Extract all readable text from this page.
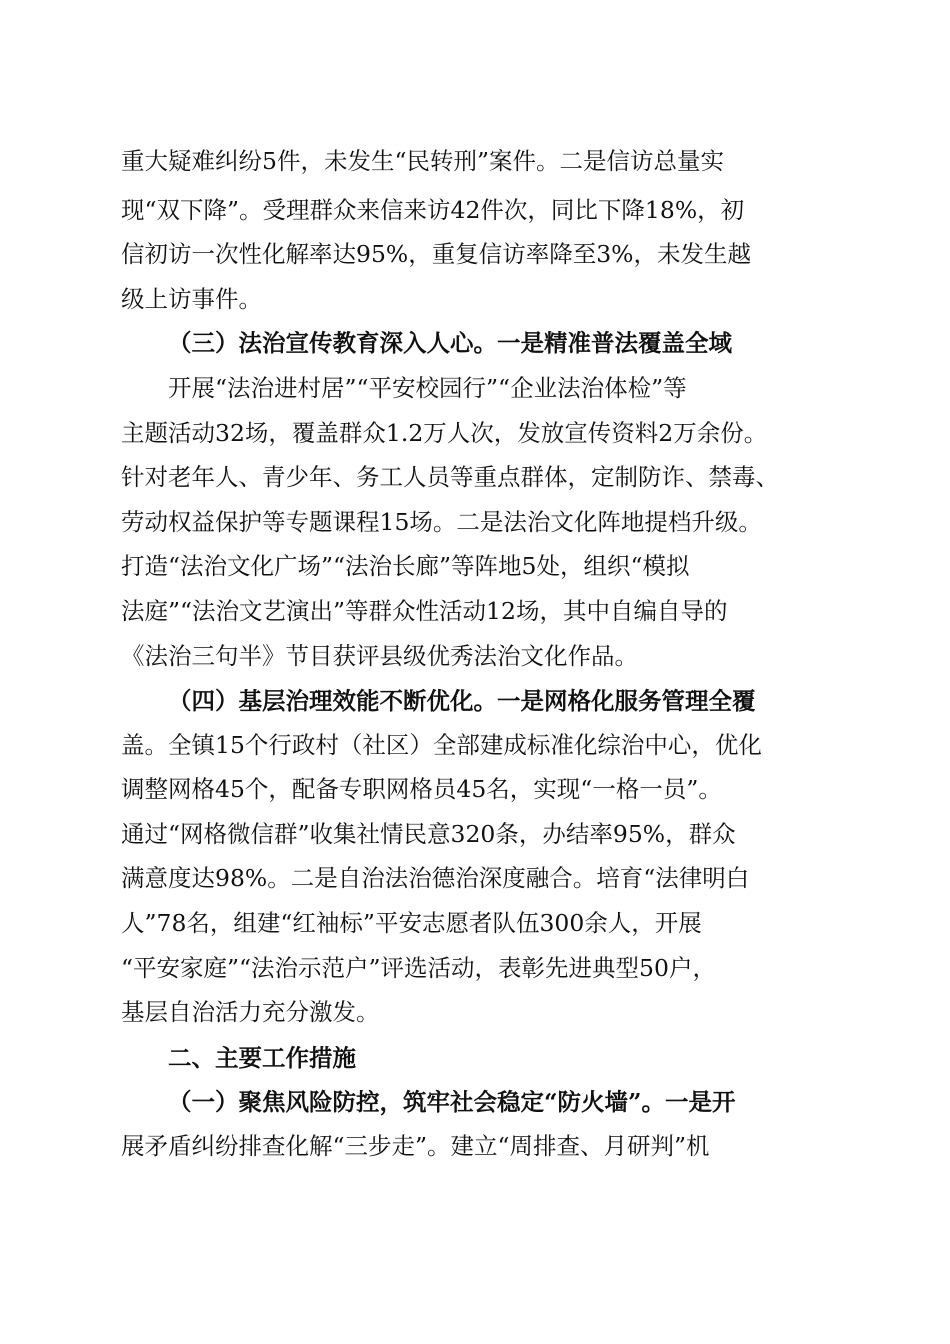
重大疑难纠纷5件，未发生“民转刑”案件。二是信访总量实
现“双下降”。受理群众来信来访42件次，同比下降18%，初
信初访一次性化解率达95%，重复信访率降至3%，未发生越
级上访事件。
（三）法治宣传教育深入人心。一是精准普法覆盖全域
开展“法治进村居”“平安校园行”“企业法治体检”等
主题活动32场，覆盖群众1.2万人次，发放宣传资料2万余份。
针对老年人、青少年、务工人员等重点群体，定制防诈、禁毒、
劳动权益保护等专题课程15场。二是法治文化阵地提档升级。
打造“法治文化广场”“法治长廊”等阵地5处，组织“模拟
法庭”“法治文艺演出”等群众性活动12场，其中自编自导的
《法治三句半》节目获评县级优秀法治文化作品。
（四）基层治理效能不断优化。一是网格化服务管理全覆
盖。全镇15个行政村（社区）全部建成标准化综治中心，优化
调整网格45个，配备专职网格员45名，实现“一格一员”。
通过“网格微信群”收集社情民意320条，办结率95%，群众
满意度达98%。二是自治法治德治深度融合。培育“法律明白
人”78名，组建“红袖标”平安志愿者队伍300余人，开展
“平安家庭”“法治示范户”评选活动，表彰先进典型50户，
基层自治活力充分激发。
二、主要工作措施
（一）聚焦风险防控，筑牢社会稳定“防火墙”。一是开
展矛盾纠纷排查化解“三步走”。建立“周排查、月研判”机
